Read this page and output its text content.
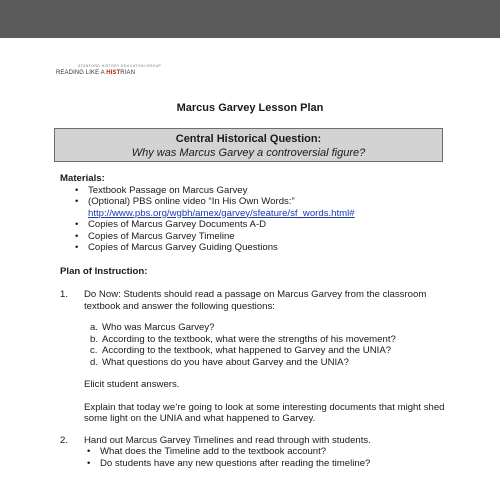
STANFORD HISTORY EDUCATION GROUP
READING LIKE A HISTRIAN
Marcus Garvey Lesson Plan
Central Historical Question:
Why was Marcus Garvey a controversial figure?
Materials:
• Textbook Passage on Marcus Garvey
• (Optional) PBS online video “In His Own Words:”
http://www.pbs.org/wgbh/amex/garvey/sfeature/sf_words.html#
• Copies of Marcus Garvey Documents A-D
• Copies of Marcus Garvey Timeline
• Copies of Marcus Garvey Guiding Questions
Plan of Instruction:
1.	Do Now: Students should read a passage on Marcus Garvey from the classroom textbook and answer the following questions:
a. Who was Marcus Garvey?
b. According to the textbook, what were the strengths of his movement?
c. According to the textbook, what happened to Garvey and the UNIA?
d. What questions do you have about Garvey and the UNIA?
Elicit student answers.
Explain that today we’re going to look at some interesting documents that might shed some light on the UNIA and what happened to Garvey.
2.	Hand out Marcus Garvey Timelines and read through with students.
• What does the Timeline add to the textbook account?
• Do students have any new questions after reading the timeline?
